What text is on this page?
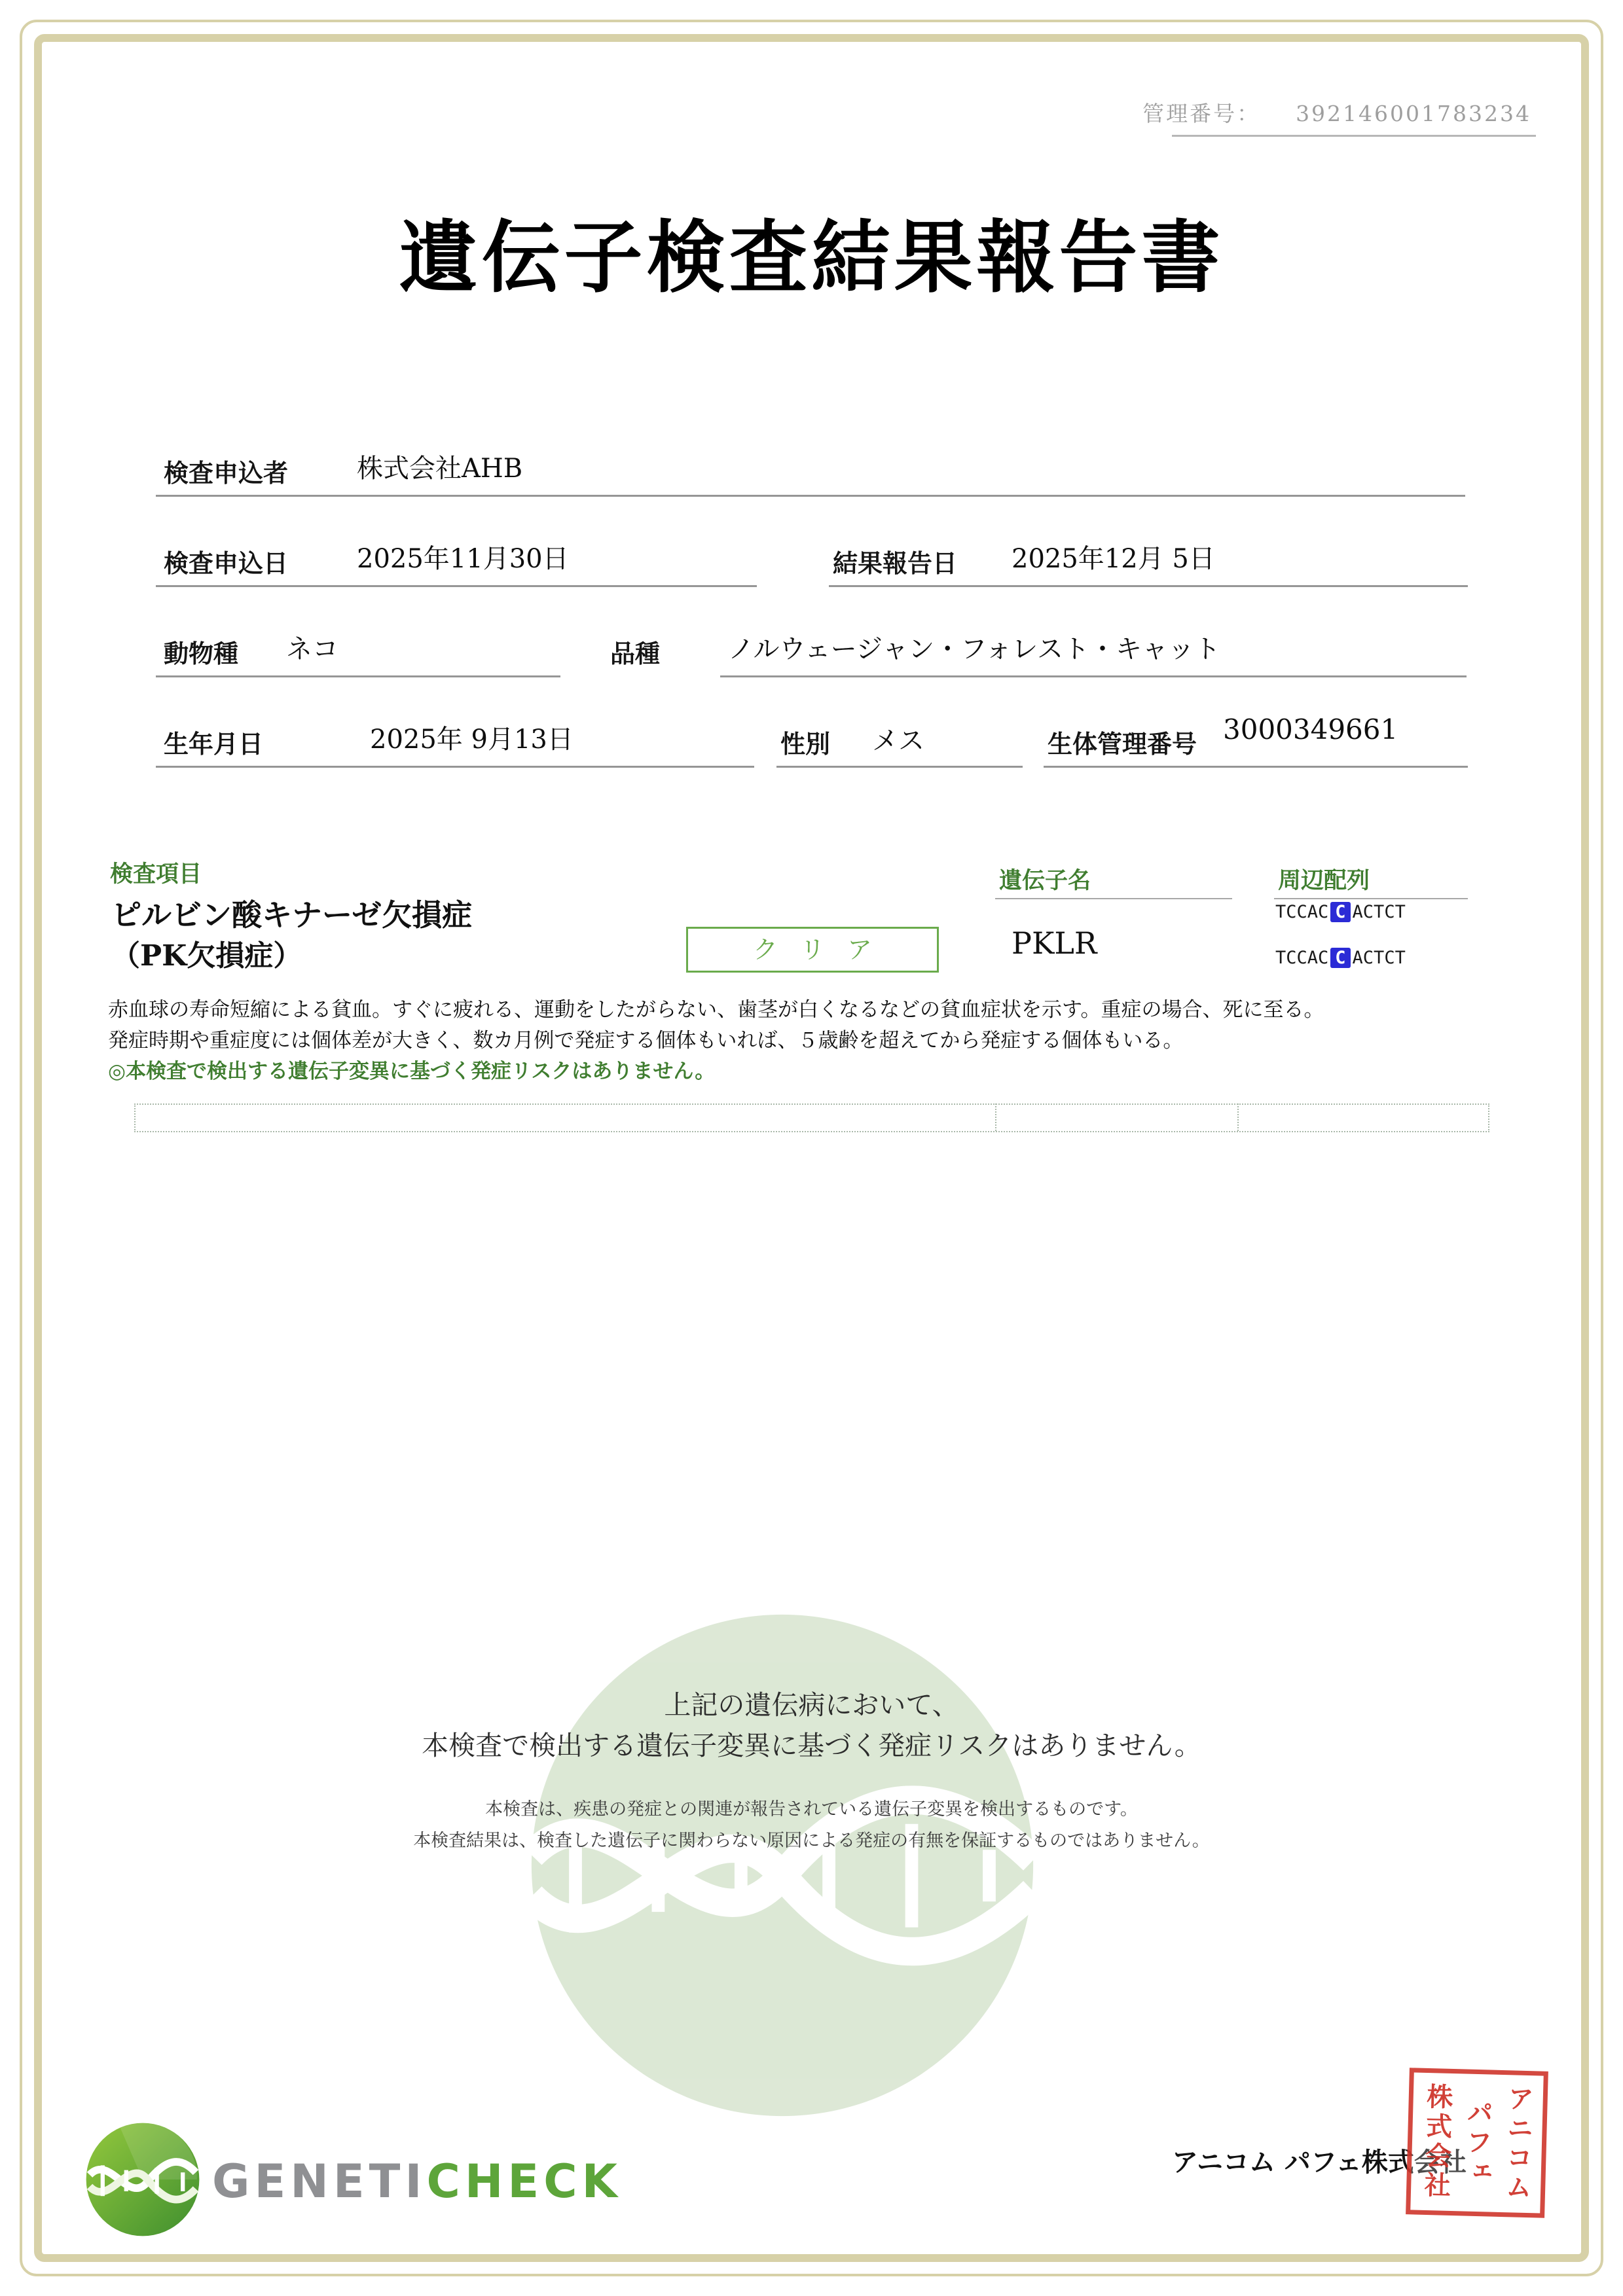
管理番号： 392146001783234
遺伝子検査結果報告書
検査申込者	株式会社AHB
検査申込日	2025年11月30日	結果報告日 2025年12月 5日
動物種 ネコ	品種	ノルウェージャン・フォレスト・キャット
生年月日	2025年 9月13日	性別 メス	生体管理番号 3000349661
検査項目	遺伝子名	周辺配列
ピルビン酸キナーゼ欠損症
（PK欠損症）	クリア	PKLR
TCCAC C ACTCT
TCCAC C ACTCT
赤血球の寿命短縮による貧血。すぐに疲れる、運動をしたがらない、歯茎が白くなるなどの貧血症状を示す。重症の場合、死に至る。
発症時期や重症度には個体差が大きく、数カ月例で発症する個体もいれば、５歳齢を超えてから発症する個体もいる。
◎本検査で検出する遺伝子変異に基づく発症リスクはありません。
上記の遺伝病において、
本検査で検出する遺伝子変異に基づく発症リスクはありません。
本検査は、疾患の発症との関連が報告されている遺伝子変異を検出するものです。
本検査結果は、検査した遺伝子に関わらない原因による発症の有無を保証するものではありません。
GENETICHECK	アニコム パフェ株式会社 アニコム
パフェ
株式会社
